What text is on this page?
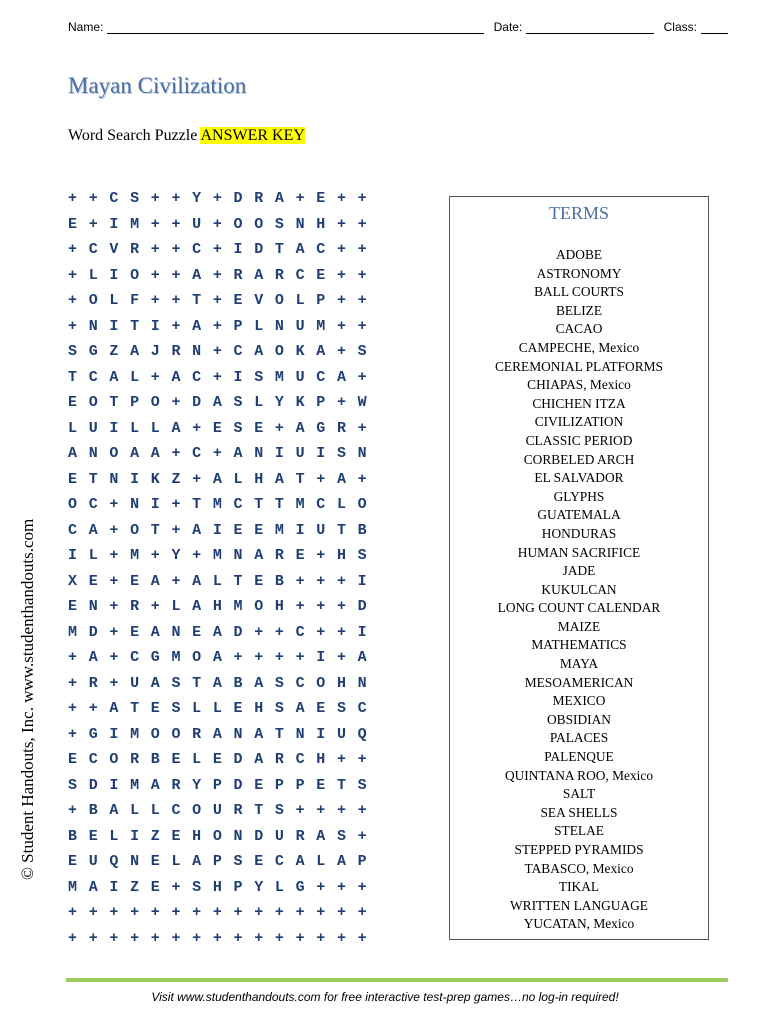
Name:	Date:	Class:
Mayan Civilization
Word Search Puzzle ANSWER KEY
© Student Handouts, Inc. www.studenthandouts.com
+ + C S + + Y + D R A + E + +
E + I M + + U + O O S N H + +
+ C V R + + C + I D T A C + +
+ L I O + + A + R A R C E + +
+ O L F + + T + E V O L P + +
+ N I T I + A + P L N U M + +
S G Z A J R N + C A O K A + S
T C A L + A C + I S M U C A +
E O T P O + D A S L Y K P + W
L U I L L A + E S E + A G R +
A N O A A + C + A N I U I S N
E T N I K Z + A L H A T + A +
O C + N I + T M C T T M C L O
C A + O T + A I E E M I U T B
I L + M + Y + M N A R E + H S
X E + E A + A L T E B + + + I
E N + R + L A H M O H + + + D
M D + E A N E A D + + C + + I
+ A + C G M O A + + + + I + A
+ R + U A S T A B A S C O H N
+ + A T E S L L E H S A E S C
+ G I M O O R A N A T N I U Q
E C O R B E L E D A R C H + +
S D I M A R Y P D E P P E T S
+ B A L L C O U R T S + + + +
B E L I Z E H O N D U R A S +
E U Q N E L A P S E C A L A P
M A I Z E + S H P Y L G + + +
+ + + + + + + + + + + + + + +
+ + + + + + + + + + + + + + +
TERMS
ADOBE
ASTRONOMY
BALL COURTS
BELIZE
CACAO
CAMPECHE, Mexico
CEREMONIAL PLATFORMS
CHIAPAS, Mexico
CHICHEN ITZA
CIVILIZATION
CLASSIC PERIOD
CORBELED ARCH
EL SALVADOR
GLYPHS
GUATEMALA
HONDURAS
HUMAN SACRIFICE
JADE
KUKULCAN
LONG COUNT CALENDAR
MAIZE
MATHEMATICS
MAYA
MESOAMERICAN
MEXICO
OBSIDIAN
PALACES
PALENQUE
QUINTANA ROO, Mexico
SALT
SEA SHELLS
STELAE
STEPPED PYRAMIDS
TABASCO, Mexico
TIKAL
WRITTEN LANGUAGE
YUCATAN, Mexico
Visit www.studenthandouts.com for free interactive test-prep games…no log-in required!
